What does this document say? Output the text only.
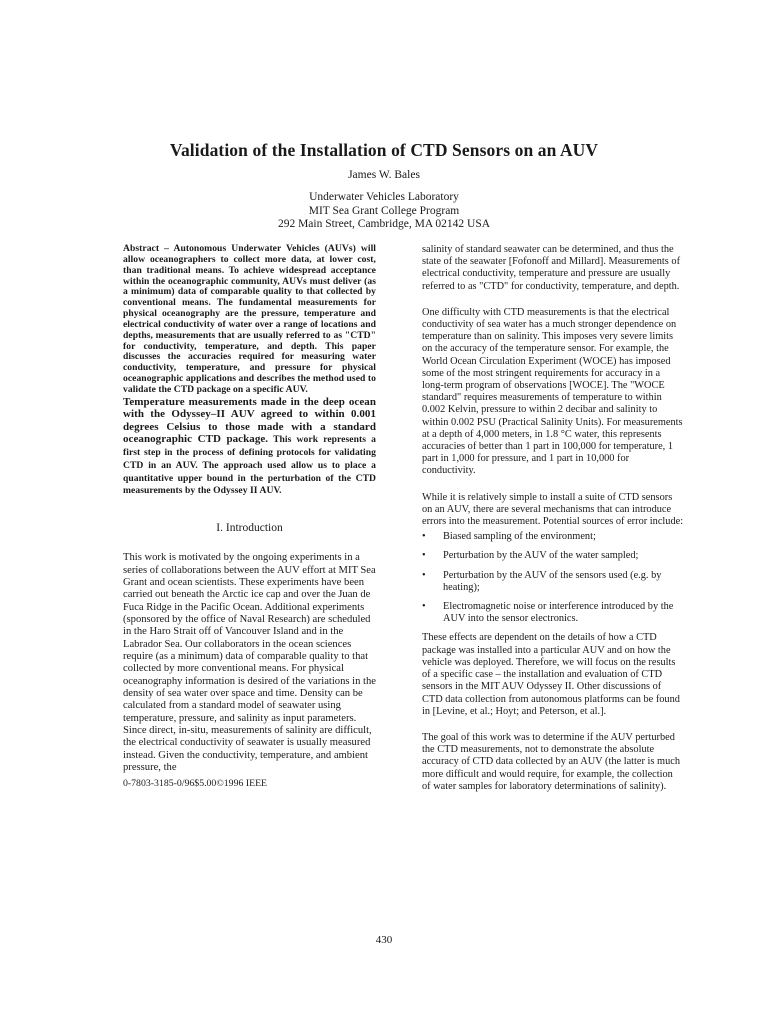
Validation of the Installation of CTD Sensors on an AUV
James W. Bales
Underwater Vehicles Laboratory
MIT Sea Grant College Program
292 Main Street, Cambridge, MA 02142 USA
Abstract – Autonomous Underwater Vehicles (AUVs) will allow oceanographers to collect more data, at lower cost, than traditional means. To achieve widespread acceptance within the oceanographic community, AUVs must deliver (as a minimum) data of comparable quality to that collected by conventional means. The fundamental measurements for physical oceanography are the pressure, temperature and electrical conductivity of water over a range of locations and depths, measurements that are usually referred to as "CTD" for conductivity, temperature, and depth. This paper discusses the accuracies required for measuring water conductivity, temperature, and pressure for physical oceanographic applications and describes the method used to validate the CTD package on a specific AUV.
Temperature measurements made in the deep ocean with the Odyssey–II AUV agreed to within 0.001 degrees Celsius to those made with a standard oceanographic CTD package. This work represents a first step in the process of defining protocols for validating CTD in an AUV. The approach used allow us to place a quantitative upper bound in the perturbation of the CTD measurements by the Odyssey II AUV.
I. Introduction
This work is motivated by the ongoing experiments in a series of collaborations between the AUV effort at MIT Sea Grant and ocean scientists. These experiments have been carried out beneath the Arctic ice cap and over the Juan de Fuca Ridge in the Pacific Ocean. Additional experiments (sponsored by the office of Naval Research) are scheduled in the Haro Strait off of Vancouver Island and in the Labrador Sea. Our collaborators in the ocean sciences require (as a minimum) data of comparable quality to that collected by more conventional means. For physical oceanography information is desired of the variations in the density of sea water over space and time. Density can be calculated from a standard model of seawater using temperature, pressure, and salinity as input parameters. Since direct, in-situ, measurements of salinity are difficult, the electrical conductivity of seawater is usually measured instead. Given the conductivity, temperature, and ambient pressure, the
0-7803-3185-0/96$5.00©1996 IEEE
salinity of standard seawater can be determined, and thus the state of the seawater [Fofonoff and Millard]. Measurements of electrical conductivity, temperature and pressure are usually referred to as "CTD" for conductivity, temperature, and depth.
One difficulty with CTD measurements is that the electrical conductivity of sea water has a much stronger dependence on temperature than on salinity. This imposes very severe limits on the accuracy of the temperature sensor. For example, the World Ocean Circulation Experiment (WOCE) has imposed some of the most stringent requirements for accuracy in a long-term program of observations [WOCE]. The "WOCE standard" requires measurements of temperature to within 0.002 Kelvin, pressure to within 2 decibar and salinity to within 0.002 PSU (Practical Salinity Units). For measurements at a depth of 4,000 meters, in 1.8 °C water, this represents accuracies of better than 1 part in 100,000 for temperature, 1 part in 1,000 for pressure, and 1 part in 10,000 for conductivity.
While it is relatively simple to install a suite of CTD sensors on an AUV, there are several mechanisms that can introduce errors into the measurement. Potential sources of error include:
• Biased sampling of the environment;
• Perturbation by the AUV of the water sampled;
• Perturbation by the AUV of the sensors used (e.g. by heating);
• Electromagnetic noise or interference introduced by the AUV into the sensor electronics.
These effects are dependent on the details of how a CTD package was installed into a particular AUV and on how the vehicle was deployed. Therefore, we will focus on the results of a specific case – the installation and evaluation of CTD sensors in the MIT AUV Odyssey II. Other discussions of CTD data collection from autonomous platforms can be found in [Levine, et al.; Hoyt; and Peterson, et al.].
The goal of this work was to determine if the AUV perturbed the CTD measurements, not to demonstrate the absolute accuracy of CTD data collected by an AUV (the latter is much more difficult and would require, for example, the collection of water samples for laboratory determinations of salinity).
430
